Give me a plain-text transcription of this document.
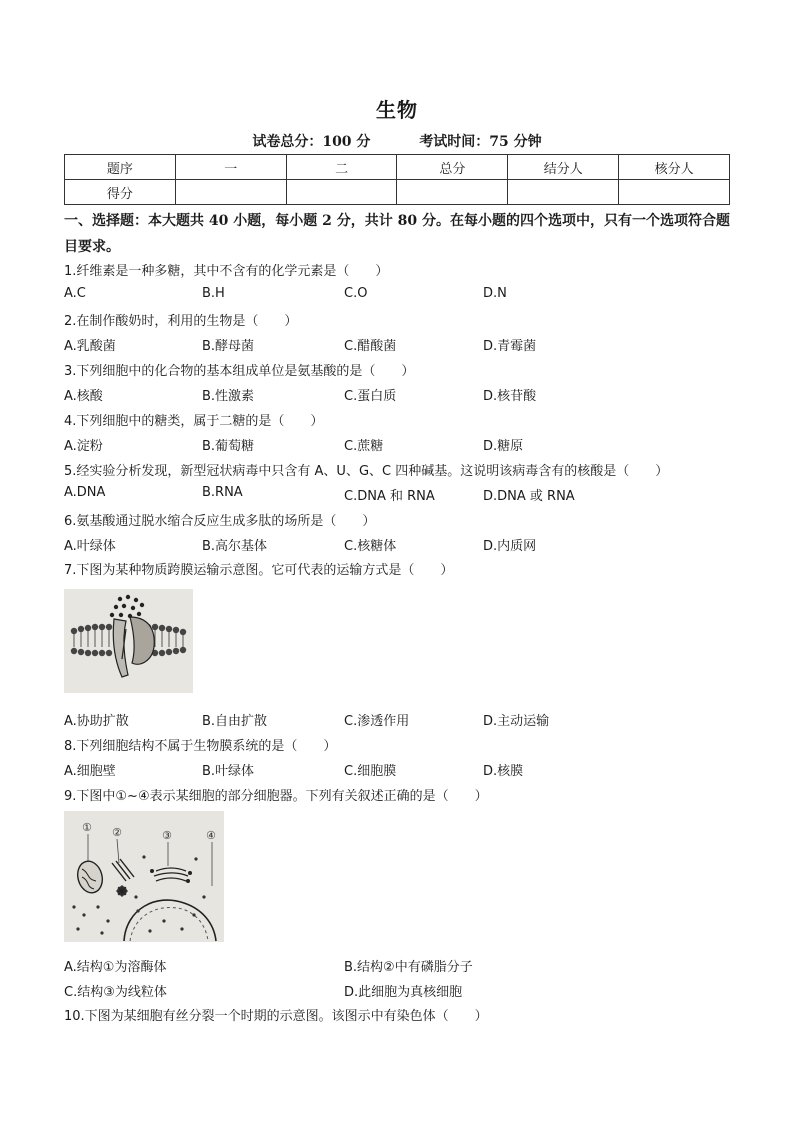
生物
试卷总分：100 分	考试时间：75 分钟
题序	一	二	总分	结分人	核分人
得分					
一、选择题：本大题共 40 小题，每小题 2 分，共计 80 分。在每小题的四个选项中，只有一个选项符合题目要求。
1.纤维素是一种多糖，其中不含有的化学元素是（　　）
A.C	B.H	C.O	D.N
2.在制作酸奶时，利用的生物是（　　）
A.乳酸菌	B.酵母菌	C.醋酸菌	D.青霉菌
3.下列细胞中的化合物的基本组成单位是氨基酸的是（　　）
A.核酸	B.性激素	C.蛋白质	D.核苷酸
4.下列细胞中的糖类，属于二糖的是（　　）
A.淀粉	B.葡萄糖	C.蔗糖	D.糖原
5.经实验分析发现，新型冠状病毒中只含有 A、U、G、C 四种碱基。这说明该病毒含有的核酸是（　　）
A.DNA	B.RNA	C.DNA 和 RNA	D.DNA 或 RNA
6.氨基酸通过脱水缩合反应生成多肽的场所是（　　）
A.叶绿体	B.高尔基体	C.核糖体	D.内质网
7.下图为某种物质跨膜运输示意图。它可代表的运输方式是（　　）
A.协助扩散	B.自由扩散	C.渗透作用	D.主动运输
8.下列细胞结构不属于生物膜系统的是（　　）
A.细胞壁	B.叶绿体	C.细胞膜	D.核膜
9.下图中①~④表示某细胞的部分细胞器。下列有关叙述正确的是（　　）
① ②	③	④
A.结构①为溶酶体	B.结构②中有磷脂分子
C.结构③为线粒体	D.此细胞为真核细胞
10.下图为某细胞有丝分裂一个时期的示意图。该图示中有染色体（　　）
